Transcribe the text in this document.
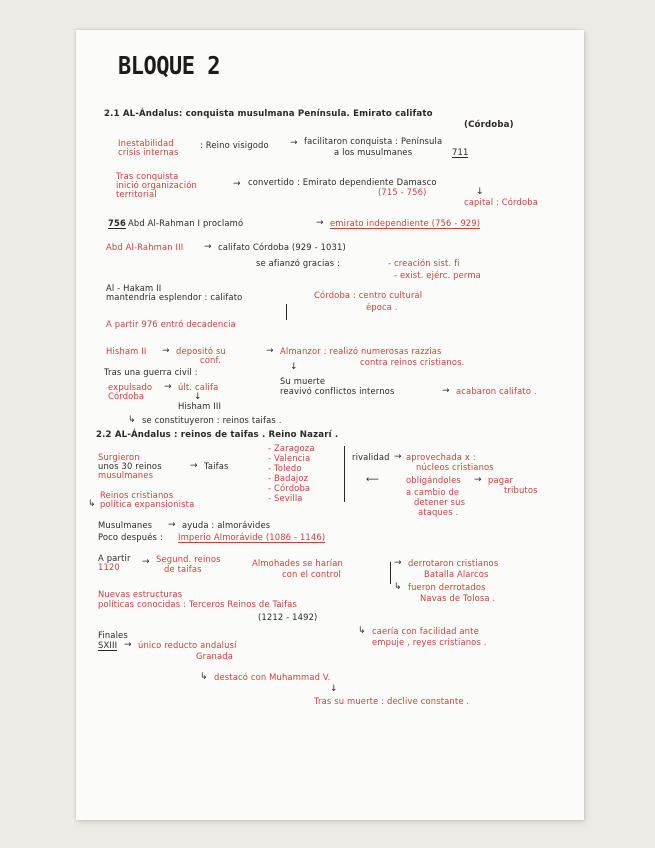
BLOQUE 2
2.1 AL-Ándalus: conquista musulmana Península. Emirato califato
(Córdoba)
Inestabilidad
crisis internas
: Reino visigodo → facilitaron conquista : Península
a los musulmanes	711
Tras conquista
inició organización
territorial
→ convertido : Emirato dependiente Damasco
(715 - 756)	↓
capital : Córdoba
756 Abd Al-Rahman I proclamó	→ emirato independiente (756 - 929)
Abd Al-Rahman III → califato Córdoba (929 - 1031)
se afianzó gracias :	- creación sist. fi
- exist. ejérc. perma
Al - Hakam II
mantendría esplendor : califato	Córdoba : centro cultural
época .
A partir 976 entró decadencia
Hisham II → depositó su
conf.
→ Almanzor : realizó numerosas razzias
contra reinos cristianos.
Tras una guerra civil :	↓
expulsado → últ. califa
Córdoba	↓
Hisham III
Su muerte
reavivó conflictos internos	→ acabaron califato .
↳ se constituyeron : reinos taifas .
2.2 AL-Ándalus : reinos de taifas . Reino Nazarí .
Surgieron
unos 30 reinos
musulmanes
→ Taifas
- Zaragoza
- Valencia
- Toledo
- Badajoz
- Córdoba
- Sevilla
rivalidad → aprovechada x :
núcleos cristianos
⟵	obligándoles → pagar
tributos
a cambio de
detener sus
ataques .
Reinos cristianos
↳ política expansionista
Musulmanes → ayuda : almorávides
Poco después : Imperio Almorávide (1086 - 1146)
A partir
1120 → Segund. reinos
de taifas
Almohades se harían
con el control
→ derrotaron cristianos
Batalla Alarcos
↳ fueron derrotados
Navas de Tolosa .
Nuevas estructuras
políticas conocidas : Terceros Reinos de Taifas
(1212 - 1492)
↳ caería con facilidad ante
empuje , reyes cristianos .
Finales
SXIII → único reducto andalusí
Granada
↳ destacó con Muhammad V.
↓
Tras su muerte : declive constante .
